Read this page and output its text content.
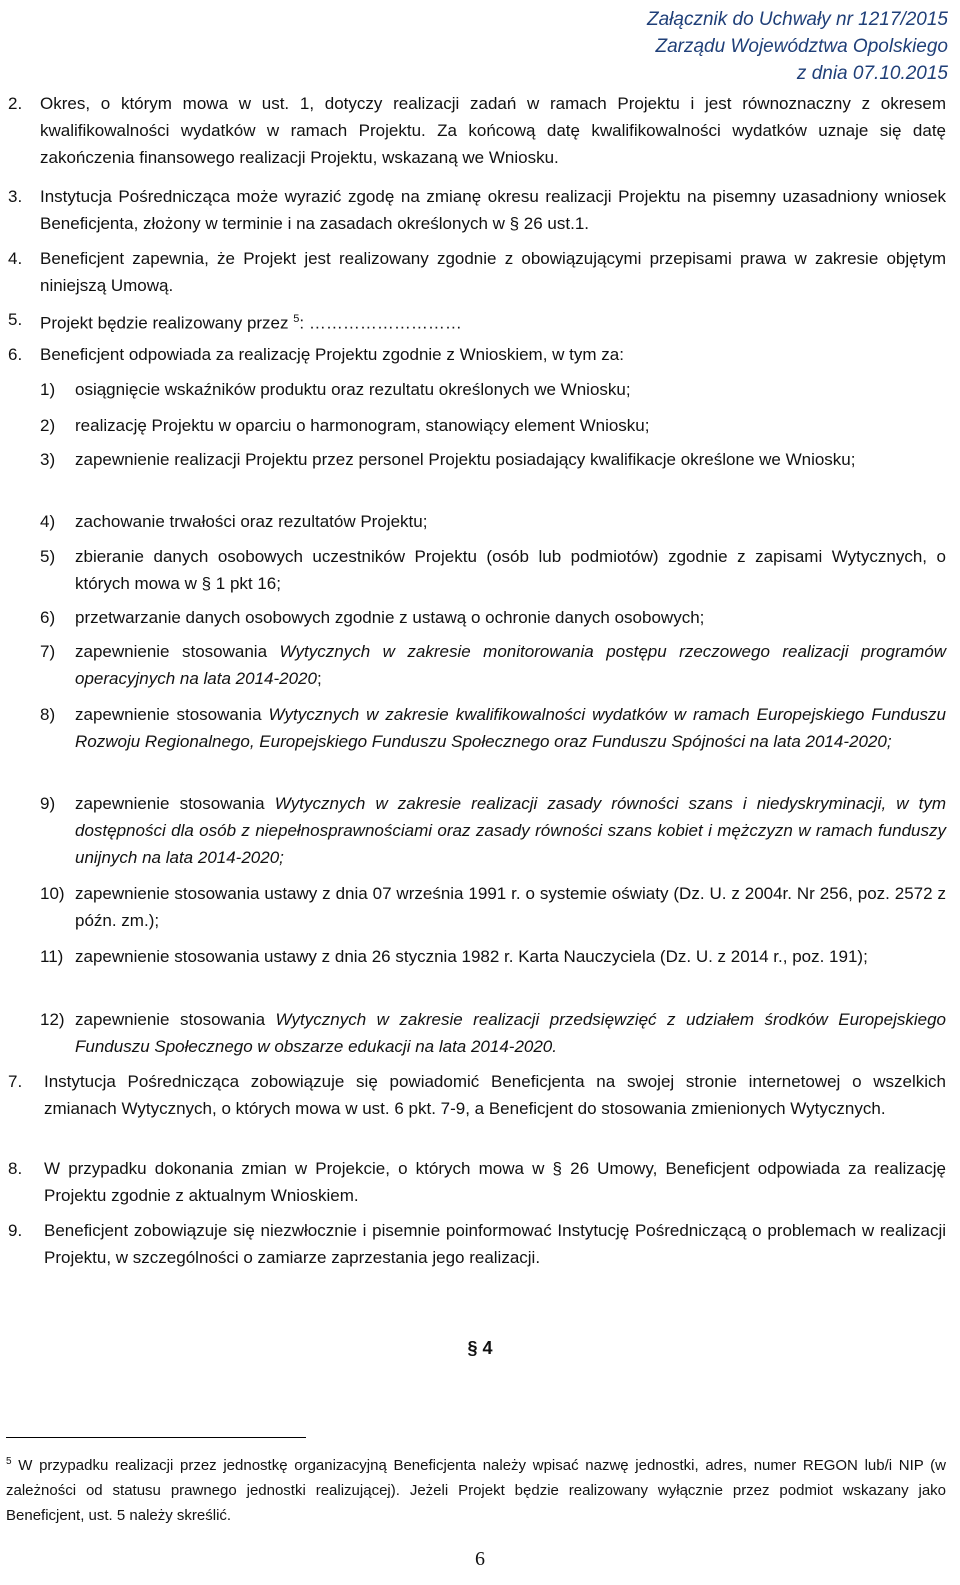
Załącznik do Uchwały nr 1217/2015
Zarządu Województwa Opolskiego
z dnia 07.10.2015
2.	Okres, o którym mowa w ust. 1, dotyczy realizacji zadań w ramach Projektu i jest równoznaczny z okresem kwalifikowalności wydatków w ramach Projektu. Za końcową datę kwalifikowalności wydatków uznaje się datę zakończenia finansowego realizacji Projektu, wskazaną we Wniosku.
3.	Instytucja Pośrednicząca może wyrazić zgodę na zmianę okresu realizacji Projektu na pisemny uzasadniony wniosek Beneficjenta, złożony w terminie i na zasadach określonych w § 26 ust.1.
4.	Beneficjent zapewnia, że Projekt jest realizowany zgodnie z obowiązującymi przepisami prawa w zakresie objętym niniejszą Umową.
5.	Projekt będzie realizowany przez $^5$: ………………………
6.	Beneficjent odpowiada za realizację Projektu zgodnie z Wnioskiem, w tym za:
1)	osiągnięcie wskaźników produktu oraz rezultatu określonych we Wniosku;
2)	realizację Projektu w oparciu o harmonogram, stanowiący element Wniosku;
3)	zapewnienie realizacji Projektu przez personel Projektu posiadający kwalifikacje określone we Wniosku;
4)	zachowanie trwałości oraz rezultatów Projektu;
5)	zbieranie danych osobowych uczestników Projektu (osób lub podmiotów) zgodnie z zapisami Wytycznych, o których mowa w § 1 pkt 16;
6)	przetwarzanie danych osobowych zgodnie z ustawą o ochronie danych osobowych;
7)	zapewnienie stosowania Wytycznych w zakresie monitorowania postępu rzeczowego realizacji programów operacyjnych na lata 2014-2020;
8)	zapewnienie stosowania Wytycznych w zakresie kwalifikowalności wydatków w ramach Europejskiego Funduszu Rozwoju Regionalnego, Europejskiego Funduszu Społecznego oraz Funduszu Spójności na lata 2014-2020;
9)	zapewnienie stosowania Wytycznych w zakresie realizacji zasady równości szans i niedyskryminacji, w tym dostępności dla osób z niepełnosprawnościami oraz zasady równości szans kobiet i mężczyzn w ramach funduszy unijnych na lata 2014-2020;
10) zapewnienie stosowania ustawy z dnia 07 września 1991 r. o systemie oświaty (Dz. U. z 2004r. Nr 256, poz. 2572 z późn. zm.);
11) zapewnienie stosowania ustawy z dnia 26 stycznia 1982 r. Karta Nauczyciela (Dz. U. z 2014 r., poz. 191);
12) zapewnienie stosowania Wytycznych w zakresie realizacji przedsięwzięć z udziałem środków Europejskiego Funduszu Społecznego w obszarze edukacji na lata 2014-2020.
7.	Instytucja Pośrednicząca zobowiązuje się powiadomić Beneficjenta na swojej stronie internetowej o wszelkich zmianach Wytycznych, o których mowa w ust. 6 pkt. 7-9, a Beneficjent do stosowania zmienionych Wytycznych.
8.	W przypadku dokonania zmian w Projekcie, o których mowa w § 26 Umowy, Beneficjent odpowiada za realizację Projektu zgodnie z aktualnym Wnioskiem.
9.	Beneficjent zobowiązuje się niezwłocznie i pisemnie poinformować Instytucję Pośredniczącą o problemach w realizacji Projektu, w szczególności o zamiarze zaprzestania jego realizacji.
§ 4
$^5$ W przypadku realizacji przez jednostkę organizacyjną Beneficjenta należy wpisać nazwę jednostki, adres, numer REGON lub/i NIP (w zależności od statusu prawnego jednostki realizującej). Jeżeli Projekt będzie realizowany wyłącznie przez podmiot wskazany jako Beneficjent, ust. 5 należy skreślić.
6
